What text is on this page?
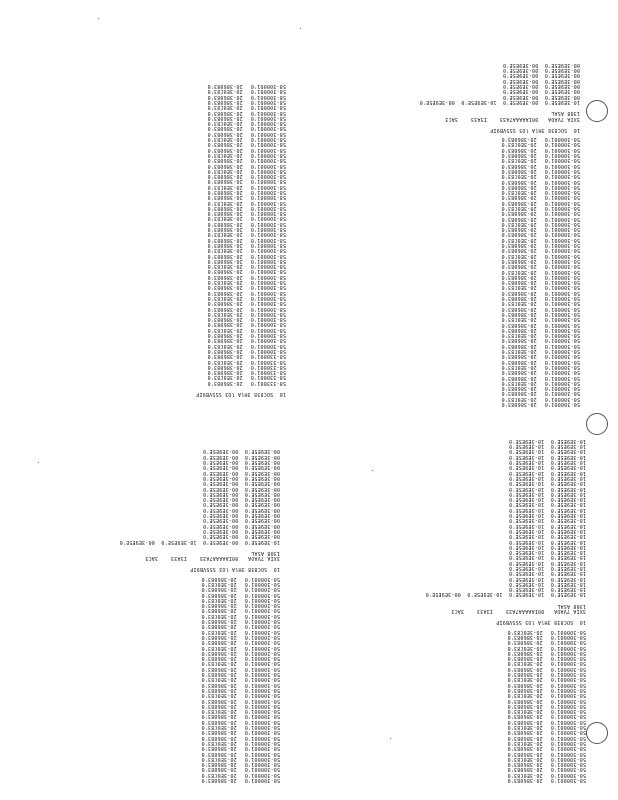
10  SOC838 3HlA lO3 SSSVB9IP
58-333001'0
58-330001'0
58-330001'0
58-330001'0
58-330001'0
58-330001'0
58-300001'0
58-300001'0
58-300001'0
58-300001'0
58-300001'0
58-300001'0
58-300001'0
58-300001'0
58-300001'0
58-300001'0
58-300001'0
58-300001'0
58-300001'0
58-300001'0
58-300001'0
58-300001'0
58-300001'0
58-300001'0
58-300001'0
58-300001'0
58-300001'0
58-300001'0
58-300001'0
58-300001'0
58-300001'0
58-300001'0
58-300001'0
58-300001'0
58-300001'0
58-300001'0
58-300001'0
58-300001'0
58-300001'0
58-300001'0
58-300001'0
58-300001'0
58-300001'0
58-300001'0
58-300001'0
58-300001'0
58-300001'0
58-300001'0
58-300001'0
58-300001'0
58-300001'0
58-300001'0
58-300001'0
58-300001'0
58-300001'0
58-300001'0
58-300001'0
20-386083'0
20-3E0C83'0
20-386083'0
20-386083'0
20-3E0C83'0
20-386083'0
20-386083'0
20-3E0C83'0
20-386083'0
20-386083'0
20-3E0C83'0
20-386083'0
20-386083'0
20-3E0C83'0
20-386083'0
20-386083'0
20-3E0C83'0
20-386083'0
20-386083'0
20-3E0C83'0
20-386083'0
20-386083'0
20-3E0C83'0
20-386083'0
20-386083'0
20-3E0C83'0
20-386083'0
20-386083'0
20-3E0C83'0
20-386083'0
20-386083'0
20-3E0C83'0
20-386083'0
20-386083'0
20-3E0C83'0
20-386083'0
20-386083'0
20-3E0C83'0
20-386083'0
20-386083'0
20-3E0C83'0
20-386083'0
20-386083'0
20-3E0C83'0
20-386083'0
20-386083'0
20-3E0C83'0
20-386083'0
20-386083'0
20-3E0C83'0
20-386083'0
20-386083'0
20-3E0C83'0
20-386083'0
20-386083'0
20-3E0C83'0
20-386083'0
50-300001'0
50-300001'0
50-300001'0
50-300001'0
50-300001'0
50-300001'0
50-300001'0
50-300001'0
50-300001'0
50-300001'0
50-300001'0
50-300001'0
50-300001'0
50-300001'0
50-300001'0
50-300001'0
50-300001'0
50-300001'0
50-300001'0
50-300001'0
50-300001'0
50-300001'0
50-300001'0
50-300001'0
50-300001'0
50-300001'0
50-300001'0
50-300001'0
50-300001'0
50-300001'0
50-300001'0
50-300001'0
50-300001'0
50-300001'0
50-300001'0
50-300001'0
50-300001'0
50-300001'0
50-300001'0
50-300001'0
50-300001'0
50-300001'0
50-300001'0
50-300001'0
50-300001'0
50-300001'0
50-300001'0
50-300001'0
50-300001'0
50-300001'0
50-300001'0
20-386083'0
20-3E0C83'0
20-386083'0
20-386083'0
20-3E0C83'0
20-386083'0
20-386083'0
20-3E0C83'0
20-386083'0
20-386083'0
20-3E0C83'0
20-386083'0
20-386083'0
20-3E0C83'0
20-386083'0
20-386083'0
20-3E0C83'0
20-386083'0
20-386083'0
20-3E0C83'0
20-386083'0
20-386083'0
20-3E0C83'0
20-386083'0
20-386083'0
20-3E0C83'0
20-386083'0
20-386083'0
20-3E0C83'0
20-386083'0
20-386083'0
20-3E0C83'0
20-386083'0
20-386083'0
20-3E0C83'0
20-386083'0
20-386083'0
20-3E0C83'0
20-386083'0
20-386083'0
20-3E0C83'0
20-386083'0
20-386083'0
20-3E0C83'0
20-386083'0
20-386083'0
20-3E0C83'0
20-386083'0
20-386083'0
20-3E0C83'0
20-386083'0
10  SOC838 3HlA lO3 SSSVB9IP
3XIA 7VAOA   00IAAAAA7A33    I3A33    3AC3
1308 ASAL
10-3E9E5E'0  00-3E9E5E'0  10-3E9E5E'0  00-3E9E5E'0
00-3E9E5E'0  00-3E9E5E'0
00-3E9E5E'0  00-3E9E5E'0
00-3E9E5E'0  00-3E9E5E'0
00-3E9E5E'0  00-3E9E5E'0
00-3E9E5E'0  00-3E9E5E'0
00-3E9E5E'0  00-3E9E5E'0
00-3E9E5E'0  00-3E9E5E'0
50-300001'0
50-300001'0
50-300001'0
50-300001'0
50-300001'0
50-300001'0
50-300001'0
50-300001'0
50-300001'0
50-300001'0
50-300001'0
50-300001'0
50-300001'0
50-300001'0
50-300001'0
50-300001'0
50-300001'0
50-300001'0
50-300001'0
50-300001'0
50-300001'0
50-300001'0
50-300001'0
50-300001'0
50-300001'0
50-300001'0
50-300001'0
50-300001'0
50-300001'0
50-300001'0
50-300001'0
50-300001'0
50-300001'0
50-300001'0
50-300001'0
50-300001'0
50-300001'0
50-300001'0
50-300001'0
20-386083'0
20-3E0C83'0
20-386083'0
20-386083'0
20-3E0C83'0
20-386083'0
20-386083'0
20-3E0C83'0
20-386083'0
20-386083'0
20-3E0C83'0
20-386083'0
20-386083'0
20-3E0C83'0
20-386083'0
20-386083'0
20-3E0C83'0
20-386083'0
20-386083'0
20-3E0C83'0
20-386083'0
20-386083'0
20-3E0C83'0
20-386083'0
20-386083'0
20-3E0C83'0
20-386083'0
20-386083'0
20-3E0C83'0
20-386083'0
20-386083'0
20-3E0C83'0
20-386083'0
20-386083'0
20-3E0C83'0
20-386083'0
20-386083'0
20-3E0C83'0
20-386083'0
10  SOC838 3HlA lO3 SSSVB9IP
3XIA 7VAOA   00IAAAAA7A33    I3A33    3AC3
1308 ASAL
10-3E9E5E'0  00-3E9E5E'0  10-3E9E5E'0  00-3E9E5E'0
00-3E9E5E'0  00-3E9E5E'0
00-3E9E5E'0  00-3E9E5E'0
00-3E9E5E'0  00-3E9E5E'0
00-3E9E5E'0  00-3E9E5E'0
00-3E9E5E'0  00-3E9E5E'0
00-3E9E5E'0  00-3E9E5E'0
00-3E9E5E'0  00-3E9E5E'0
00-3E9E5E'0  00-3E9E5E'0
00-3E9E5E'0  00-3E9E5E'0
00-3E9E5E'0  00-3E9E5E'0
00-3E9E5E'0  00-3E9E5E'0
00-3E9E5E'0  00-3E9E5E'0
00-3E9E5E'0  00-3E9E5E'0
00-3E9E5E'0  00-3E9E5E'0
00-3E9E5E'0  00-3E9E5E'0
00-3E9E5E'0  00-3E9E5E'0
00-3E9E5E'0  00-3E9E5E'0
50-300001'0
50-300001'0
50-300001'0
50-300001'0
50-300001'0
50-300001'0
50-300001'0
50-300001'0
50-300001'0
50-300001'0
50-300001'0
50-300001'0
50-300001'0
50-300001'0
50-300001'0
50-300001'0
50-300001'0
50-300001'0
50-300001'0
50-300001'0
50-300001'0
50-300001'0
50-300001'0
50-300001'0
50-300001'0
50-300001'0
50-300001'0
50-300001'0
50-300001'0
20-386083'0
20-3E0C83'0
20-386083'0
20-386083'0
20-3E0C83'0
20-386083'0
20-386083'0
20-3E0C83'0
20-386083'0
20-386083'0
20-3E0C83'0
20-386083'0
20-386083'0
20-3E0C83'0
20-386083'0
20-386083'0
20-3E0C83'0
20-386083'0
20-386083'0
20-3E0C83'0
20-386083'0
20-386083'0
20-3E0C83'0
20-386083'0
20-386083'0
20-3E0C83'0
20-386083'0
20-386083'0
20-3E0C83'0
10  SOC838 3HlA lO3 SSSVB9IP
3XIA 7VAOA   00IAAAAA7A33    I3A33    3AC3
1308 ASAL
10-3E9E5E'0  10-3E9E5E'0  10-3E9E5E'0  00-3E9E5E'0
10-3E9E5E'0  10-3E9E5E'0
10-3E9E5E'0  10-3E9E5E'0
10-3E9E5E'0  10-3E9E5E'0
10-3E9E5E'0  10-3E9E5E'0
10-3E9E5E'0  10-3E9E5E'0
10-3E9E5E'0  10-3E9E5E'0
10-3E9E5E'0  10-3E9E5E'0
10-3E9E5E'0  10-3E9E5E'0
10-3E9E5E'0  10-3E9E5E'0
10-3E9E5E'0  10-3E9E5E'0
10-3E9E5E'0  10-3E9E5E'0
10-3E9E5E'0  10-3E9E5E'0
10-3E9E5E'0  10-3E9E5E'0
10-3E9E5E'0  10-3E9E5E'0
10-3E9E5E'0  10-3E9E5E'0
10-3E9E5E'0  10-3E9E5E'0
10-3E9E5E'0  10-3E9E5E'0
10-3E9E5E'0  10-3E9E5E'0
10-3E9E5E'0  10-3E9E5E'0
10-3E9E5E'0  10-3E9E5E'0
10-3E9E5E'0  10-3E9E5E'0
10-3E9E5E'0  10-3E9E5E'0
10-3E9E5E'0  10-3E9E5E'0
10-3E9E5E'0  10-3E9E5E'0
10-3E9E5E'0  10-3E9E5E'0
10-3E9E5E'0  10-3E9E5E'0
10-3E9E5E'0  10-3E9E5E'0
10-3E9E5E'0  10-3E9E5E'0
10-3E9E5E'0  10-3E9E5E'0
